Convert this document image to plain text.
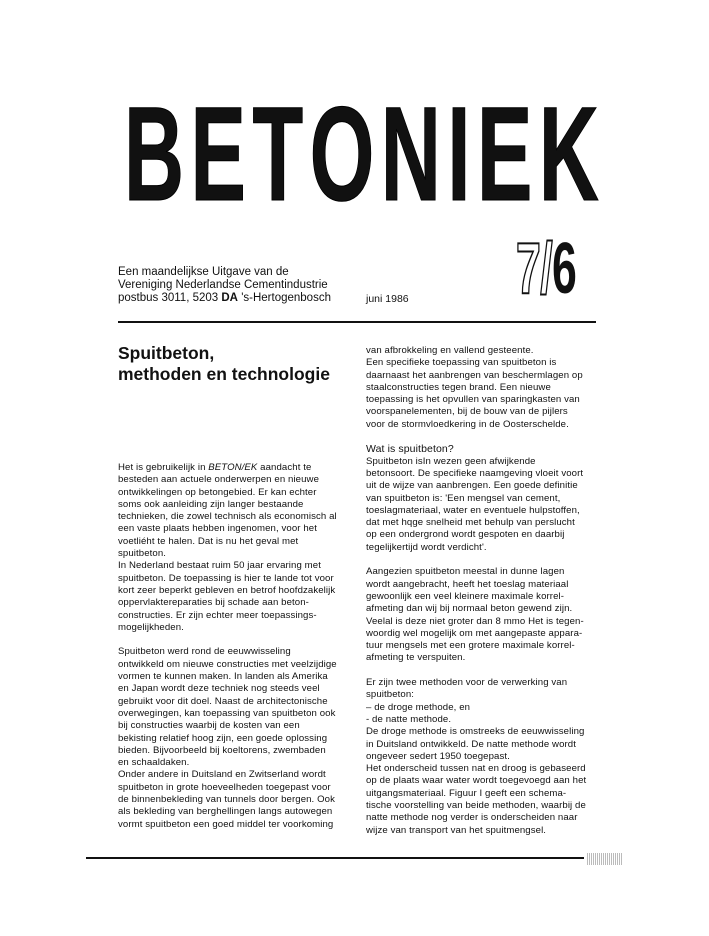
B E T O N I E K
7/6
Een maandelijkse Uitgave van de
Vereniging Nederlandse Cementindustrie
postbus 3011, 5203 DA 's-Hertogenbosch	juni 1986
Spuitbeton,
methoden en technologie

Het is gebruikelijk in BETON/EK aandacht te

besteden aan actuele onderwerpen en nieuwe

ontwikkelingen op betongebied. Er kan echter

soms ook aanleiding zijn langer bestaande

technieken, die zowel technisch als economisch al

een vaste plaats hebben ingenomen, voor het

voetliéht te halen. Dat is nu het geval met

spuitbeton.

In Nederland bestaat ruim 50 jaar ervaring met

spuitbeton. De toepassing is hier te lande tot voor

kort zeer beperkt gebleven en betrof hoofdzakelijk

oppervlaktereparaties bij schade aan beton-

constructies. Er zijn echter meer toepassings-

mogelijkheden.

Spuitbeton werd rond de eeuwwisseling

ontwikkeld om nieuwe constructies met veelzijdige

vormen te kunnen maken. In landen als Amerika

en Japan wordt deze techniek nog steeds veel

gebruikt voor dit doel. Naast de architectonische

overwegingen, kan toepassing van spuitbeton ook

bij constructies waarbij de kosten van een

bekisting relatief hoog zijn, een goede oplossing

bieden. Bijvoorbeeld bij koeltorens, zwembaden

en schaaldaken.

Onder andere in Duitsland en Zwitserland wordt

spuitbeton in grote hoeveelheden toegepast voor

de binnenbekleding van tunnels door bergen. Ook

als bekleding van berghellingen langs autowegen

vormt spuitbeton een goed middel ter voorkoming

van afbrokkeling en vallend gesteente.

Een specifieke toepassing van spuitbeton is

daarnaast het aanbrengen van beschermlagen op

staalconstructies tegen brand. Een nieuwe

toepassing is het opvullen van sparingkasten van

voorspanelementen, bij de bouw van de pijlers

voor de stormvloedkering in de Oosterschelde.

Wat is spuitbeton?

Spuitbeton isIn wezen geen afwijkende

betonsoort. De specifieke naamgeving vloeit voort

uit de wijze van aanbrengen. Een goede definitie

van spuitbeton is: 'Een mengsel van cement,

toeslagmateriaal, water en eventuele hulpstoffen,

dat met hqge snelheid met behulp van perslucht

op een ondergrond wordt gespoten en daarbij

tegelijkertijd wordt verdicht'.

Aangezien spuitbeton meestal in dunne lagen

wordt aangebracht, heeft het toeslag materiaal

gewoonlijk een veel kleinere maximale korrel-

afmeting dan wij bij normaal beton gewend zijn.

Veelal is deze niet groter dan 8 mmo Het is tegen-

woordig wel mogelijk om met aangepaste appara-

tuur mengsels met een grotere maximale korrel-

afmeting te verspuiten.

Er zijn twee methoden voor de verwerking van

spuitbeton:

– de droge methode, en

- de natte methode.

De droge methode is omstreeks de eeuwwisseling

in Duitsland ontwikkeld. De natte methode wordt

ongeveer sedert 1950 toegepast.

Het onderscheid tussen nat en droog is gebaseerd

op de plaats waar water wordt toegevoegd aan het

uitgangsmateriaal. Figuur I geeft een schema-

tische voorstelling van beide methoden, waarbij de

natte methode nog verder is onderscheiden naar

wijze van transport van het spuitmengsel.
